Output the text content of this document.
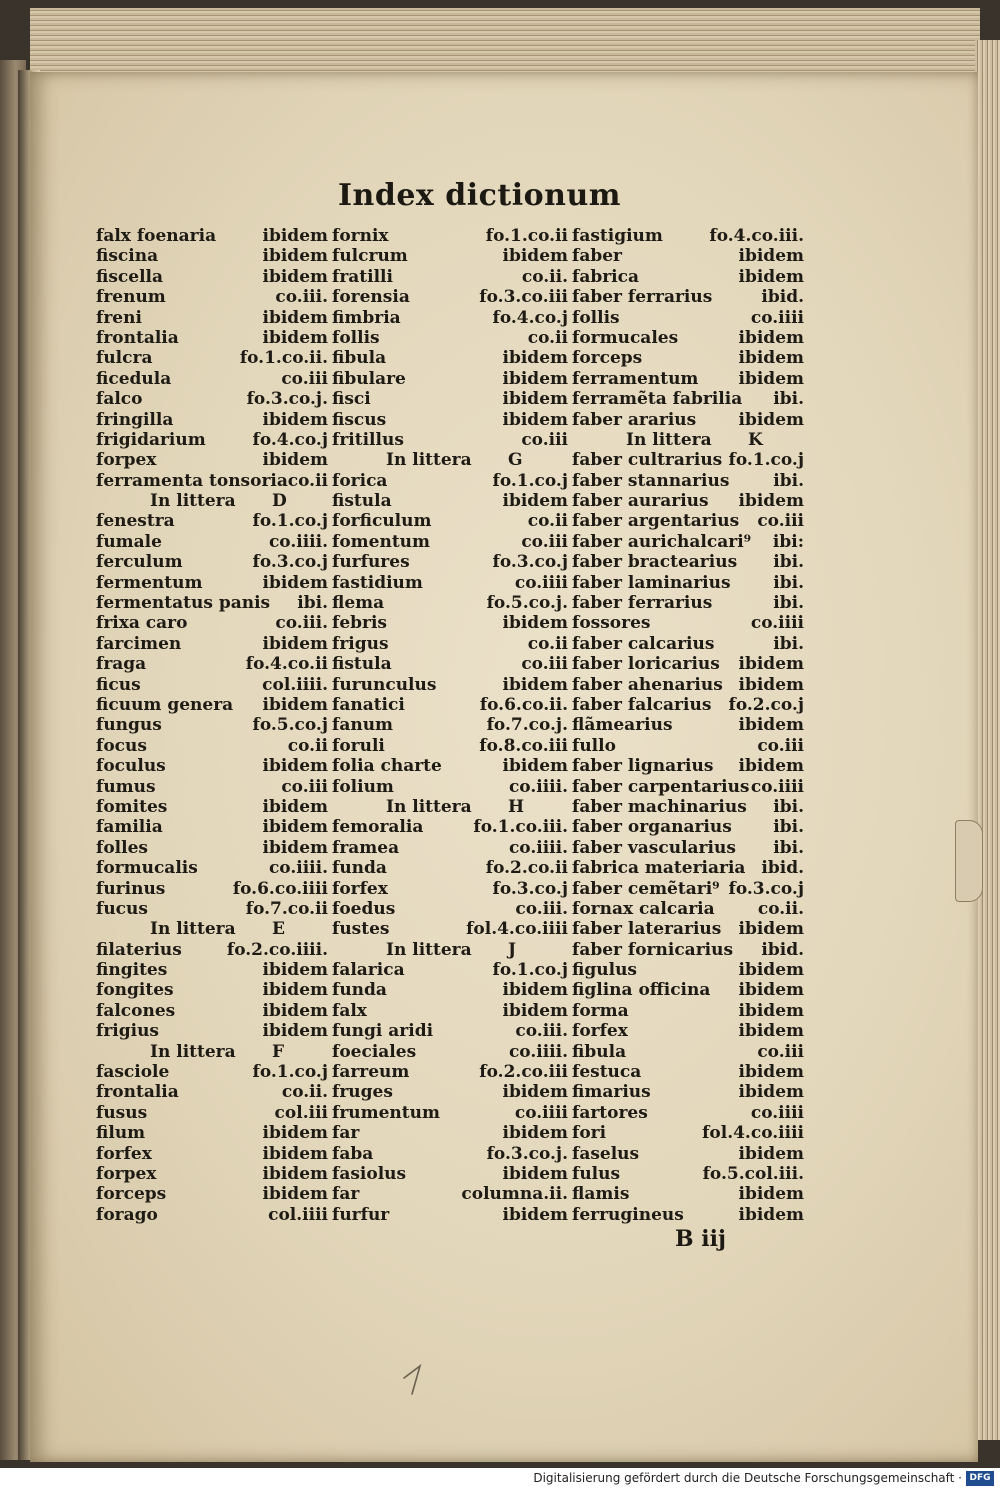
Index dictionum
falx foenaria	ibidem
fiscina	ibidem
fiscella	ibidem
frenum	co.iii.
freni	ibidem
frontalia	ibidem
fulcra	fo.1.co.ii.
ficedula	co.iii
falco	fo.3.co.j.
fringilla	ibidem
frigidarium	fo.4.co.j
forpex	ibidem
ferramenta tonsoria co.ii
In littera D
fenestra	fo.1.co.j
fumale	co.iiii.
ferculum	fo.3.co.j
fermentum	ibidem
fermentatus panis ibi.
frixa caro	co.iii.
farcimen	ibidem
fraga	fo.4.co.ii
ficus	col.iiii.
ficuum genera ibidem
fungus	fo.5.co.j
focus	co.ii
foculus	ibidem
fumus	co.iii
fomites	ibidem
familia	ibidem
folles	ibidem
formucalis	co.iiii.
furinus	fo.6.co.iiii
fucus	fo.7.co.ii
In littera E
filaterius	fo.2.co.iiii.
fingites	ibidem
fongites	ibidem
falcones	ibidem
frigius	ibidem
In littera F
fasciole	fo.1.co.j
frontalia	co.ii.
fusus	col.iii
filum	ibidem
forfex	ibidem
forpex	ibidem
forceps	ibidem
forago	col.iiii
fornix	fo.1.co.ii
fulcrum	ibidem
fratilli	co.ii.
forensia	fo.3.co.iii
fimbria	fo.4.co.j
follis	co.ii
fibula	ibidem
fibulare	ibidem
fisci	ibidem
fiscus	ibidem
fritillus	co.iii
In littera G
forica	fo.1.co.j
fistula	ibidem
forficulum	co.ii
fomentum	co.iii
furfures	fo.3.co.j
fastidium	co.iiii
flema	fo.5.co.j.
febris	ibidem
frigus	co.ii
fistula	co.iii
furunculus	ibidem
fanatici	fo.6.co.ii.
fanum	fo.7.co.j.
foruli	fo.8.co.iii
folia charte	ibidem
folium	co.iiii.
In littera H
femoralia	fo.1.co.iii.
framea	co.iiii.
funda	fo.2.co.ii
forfex	fo.3.co.j
foedus	co.iii.
fustes	fol.4.co.iiii
In littera J
falarica	fo.1.co.j
funda	ibidem
falx	ibidem
fungi aridi	co.iii.
foeciales	co.iiii.
farreum	fo.2.co.iii
fruges	ibidem
frumentum	co.iiii
far	ibidem
faba	fo.3.co.j.
fasiolus	ibidem
far	columna.ii.
furfur	ibidem
fastigium	fo.4.co.iii.
faber	ibidem
fabrica	ibidem
faber ferrarius	ibid.
follis	co.iiii
formucales	ibidem
forceps	ibidem
ferramentum ibidem
ferramẽta fabrilia ibi.
faber ararius ibidem
In littera K
faber cultrarius fo.1.co.j
faber stannarius	ibi.
faber aurarius ibidem
faber argentarius co.iii
faber aurichalcari⁹ ibi:
faber bractearius ibi.
faber laminarius	ibi.
faber ferrarius	ibi.
fossores	co.iiii
faber calcarius	ibi.
faber loricarius ibidem
faber ahenarius ibidem
faber falcarius fo.2.co.j
flãmearius	ibidem
fullo	co.iii
faber lignarius ibidem
faber carpentarius co.iiii
faber machinarius ibi.
faber organarius ibi.
faber vascularius ibi.
fabrica materiaria ibid.
faber cemẽtari⁹ fo.3.co.j
fornax calcaria	co.ii.
faber laterarius ibidem
faber fornicarius ibid.
figulus	ibidem
figlina officina ibidem
forma	ibidem
forfex	ibidem
fibula	co.iii
festuca	ibidem
fimarius	ibidem
fartores	co.iiii
fori	fol.4.co.iiii
faselus	ibidem
fulus	fo.5.col.iii.
flamis	ibidem
ferrugineus	ibidem
B iij
Digitalisierung gefördert durch die Deutsche Forschungsgemeinschaft · DFG
